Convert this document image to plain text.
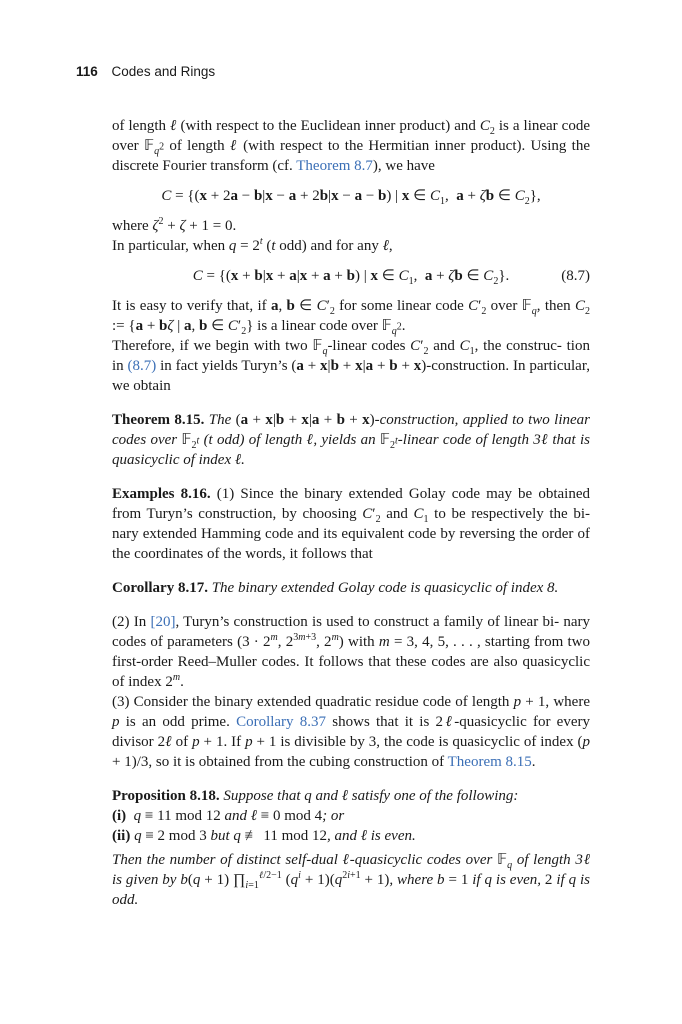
116 Codes and Rings

of length ℓ (with respect to the Euclidean inner product) and $C_2$ is a linear code over 𝔽$_{q^2}$ of length ℓ (with respect to the Hermitian inner product). Using the discrete Fourier transform (cf. Theorem 8.7), we have

C = {(x + 2a − b|x − a + 2b|x − a − b) | x ∈ $C_1$,  a + ζb ∈ $C_2$},

where $\zeta^2 + \zeta + 1 = 0$.
In particular, when $q = 2^t$ (t odd) and for any ℓ,

C = {(x + b|x + a|x + a + b) | x ∈ $C_1$,  a + ζb ∈ $C_2$}.	(8.7)

It is easy to verify that, if a, b ∈ $C'_2$ for some linear code $C'_2$ over 𝔽$_q$, then $C_2$ := {a + bζ | a, b ∈ $C'_2$} is a linear code over 𝔽$_{q^2}$.
Therefore, if we begin with two 𝔽$_q$-linear codes $C'_2$ and $C_1$, the construc- tion in (8.7) in fact yields Turyn’s (a + x|b + x|a + b + x)-construction. In particular, we obtain

Theorem 8.15. The (a + x|b + x|a + b + x)-construction, applied to two linear codes over 𝔽$_{2^t}$ (t odd) of length ℓ, yields an 𝔽$_{2^t}$-linear code of length 3ℓ that is quasicyclic of index ℓ.

Examples 8.16. (1) Since the binary extended Golay code may be obtained from Turyn’s construction, by choosing $C'_2$ and $C_1$ to be respectively the bi- nary extended Hamming code and its equivalent code by reversing the order of the coordinates of the words, it follows that

Corollary 8.17. The binary extended Golay code is quasicyclic of index 8.

(2) In [20], Turyn’s construction is used to construct a family of linear bi- nary codes of parameters ($3 \cdot 2^m$, $2^{3m+3}$, 2$^m$) with m = 3, 4, 5, . . . , starting from two first-order Reed–Muller codes. It follows that these codes are also quasicyclic of index 2$^m$.

(3) Consider the binary extended quadratic residue code of length p + 1, where p is an odd prime. Corollary 8.37 shows that it is 2ℓ-quasicyclic for every divisor 2ℓ of p + 1. If p + 1 is divisible by 3, the code is quasicyclic of index (p + 1)/3, so it is obtained from the cubing construction of Theorem 8.15.

Proposition 8.18. Suppose that q and ℓ satisfy one of the following:

(i) q ≡ 11 mod 12 and ℓ ≡ 0 mod 4; or

(ii) q ≡ 2 mod 3 but q ≢ 11 mod 12, and ℓ is even.

Then the number of distinct self-dual ℓ-quasicyclic codes over 𝔽$_q$ of length 3ℓ is given by b(q + 1) $\prod_{i=1}^{\ell/2-1}$ $(q^i + 1)(q^{2i+1} + 1)$, where b = 1 if q is even, 2 if q is odd.
